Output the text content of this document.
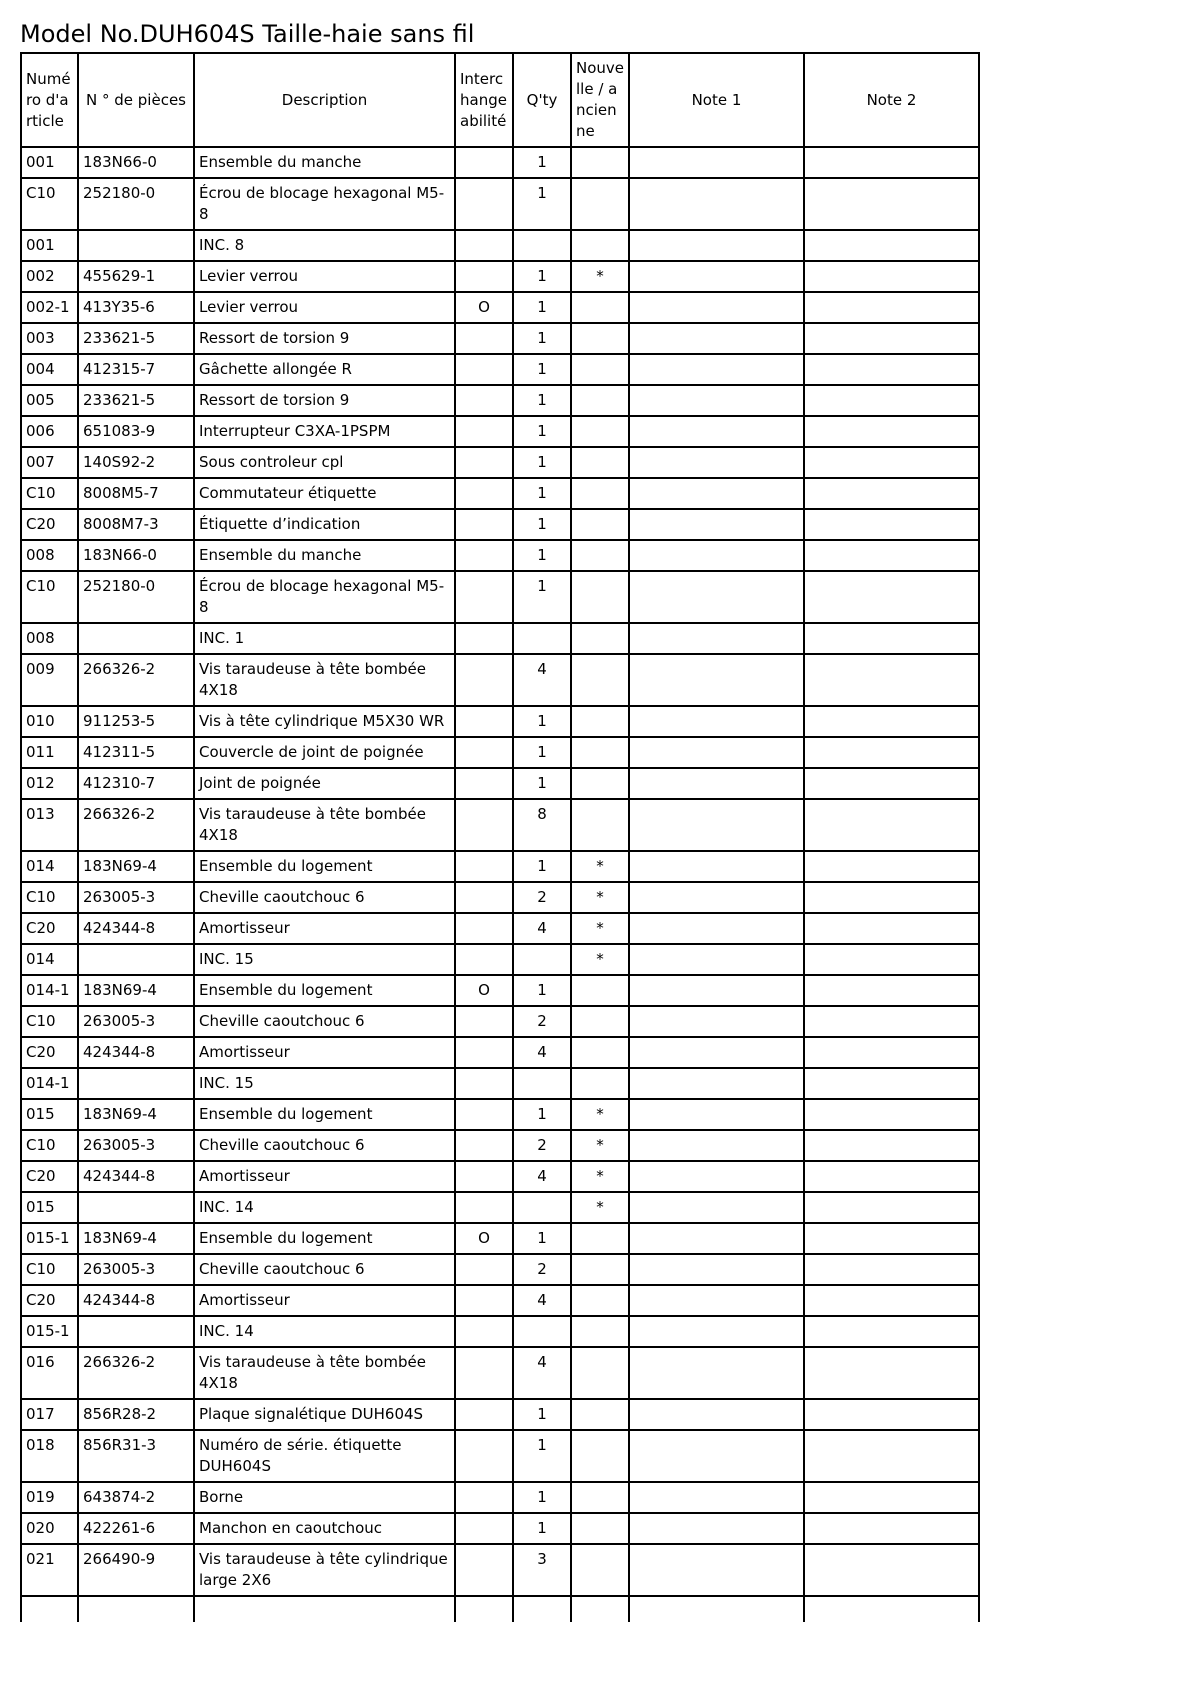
Model No.DUH604S Taille-haie sans fil
Numéro d'article	N ° de pièces	Description	Interchangeabilité	Q'ty	Nouvelle / ancienne	Note 1	Note 2
001	183N66-0	Ensemble du manche		1			
C10	252180-0	Écrou de blocage hexagonal M5-8		1			
001		INC. 8					
002	455629-1	Levier verrou		1	*		
002-1	413Y35-6	Levier verrou	O	1			
003	233621-5	Ressort de torsion 9		1			
004	412315-7	Gâchette allongée R		1			
005	233621-5	Ressort de torsion 9		1			
006	651083-9	Interrupteur C3XA-1PSPM		1			
007	140S92-2	Sous controleur cpl		1			
C10	8008M5-7	Commutateur étiquette		1			
C20	8008M7-3	Étiquette d’indication		1			
008	183N66-0	Ensemble du manche		1			
C10	252180-0	Écrou de blocage hexagonal M5-8		1			
008		INC. 1					
009	266326-2	Vis taraudeuse à tête bombée 4X18		4			
010	911253-5	Vis à tête cylindrique M5X30 WR		1			
011	412311-5	Couvercle de joint de poignée		1			
012	412310-7	Joint de poignée		1			
013	266326-2	Vis taraudeuse à tête bombée 4X18		8			
014	183N69-4	Ensemble du logement		1	*		
C10	263005-3	Cheville caoutchouc 6		2	*		
C20	424344-8	Amortisseur		4	*		
014		INC. 15			*		
014-1	183N69-4	Ensemble du logement	O	1			
C10	263005-3	Cheville caoutchouc 6		2			
C20	424344-8	Amortisseur		4			
014-1		INC. 15					
015	183N69-4	Ensemble du logement		1	*		
C10	263005-3	Cheville caoutchouc 6		2	*		
C20	424344-8	Amortisseur		4	*		
015		INC. 14			*		
015-1	183N69-4	Ensemble du logement	O	1			
C10	263005-3	Cheville caoutchouc 6		2			
C20	424344-8	Amortisseur		4			
015-1		INC. 14					
016	266326-2	Vis taraudeuse à tête bombée 4X18		4			
017	856R28-2	Plaque signalétique DUH604S		1			
018	856R31-3	Numéro de série. étiquette DUH604S		1			
019	643874-2	Borne		1			
020	422261-6	Manchon en caoutchouc		1			
021	266490-9	Vis taraudeuse à tête cylindrique large 2X6		3			
